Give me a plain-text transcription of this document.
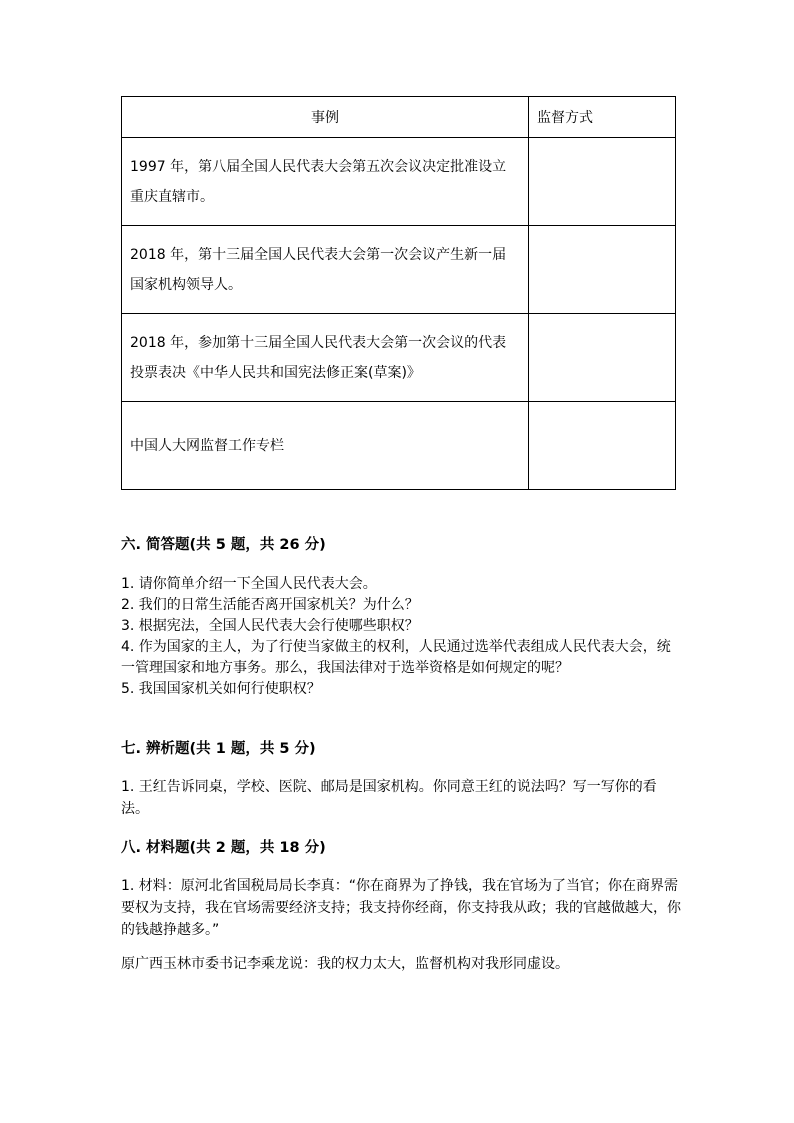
事例	监督方式
1997 年，第八届全国人民代表大会第五次会议决定批准设立重庆直辖市。	
2018 年，第十三届全国人民代表大会第一次会议产生新一届国家机构领导人。	
2018 年，参加第十三届全国人民代表大会第一次会议的代表投票表决《中华人民共和国宪法修正案(草案)》	
中国人大网监督工作专栏	
六. 简答题(共 5 题，共 26 分)
1. 请你简单介绍一下全国人民代表大会。
2. 我们的日常生活能否离开国家机关？为什么？
3. 根据宪法，全国人民代表大会行使哪些职权？
4. 作为国家的主人，为了行使当家做主的权利，人民通过选举代表组成人民代表大会，统一管理国家和地方事务。那么，我国法律对于选举资格是如何规定的呢？
5. 我国国家机关如何行使职权？
七. 辨析题(共 1 题，共 5 分)
1. 王红告诉同桌，学校、医院、邮局是国家机构。你同意王红的说法吗？写一写你的看法。
八. 材料题(共 2 题，共 18 分)
1. 材料：原河北省国税局局长李真：“你在商界为了挣钱，我在官场为了当官；你在商界需要权为支持，我在官场需要经济支持；我支持你经商，你支持我从政；我的官越做越大，你的钱越挣越多。”
原广西玉林市委书记李乘龙说：我的权力太大，监督机构对我形同虚设。
